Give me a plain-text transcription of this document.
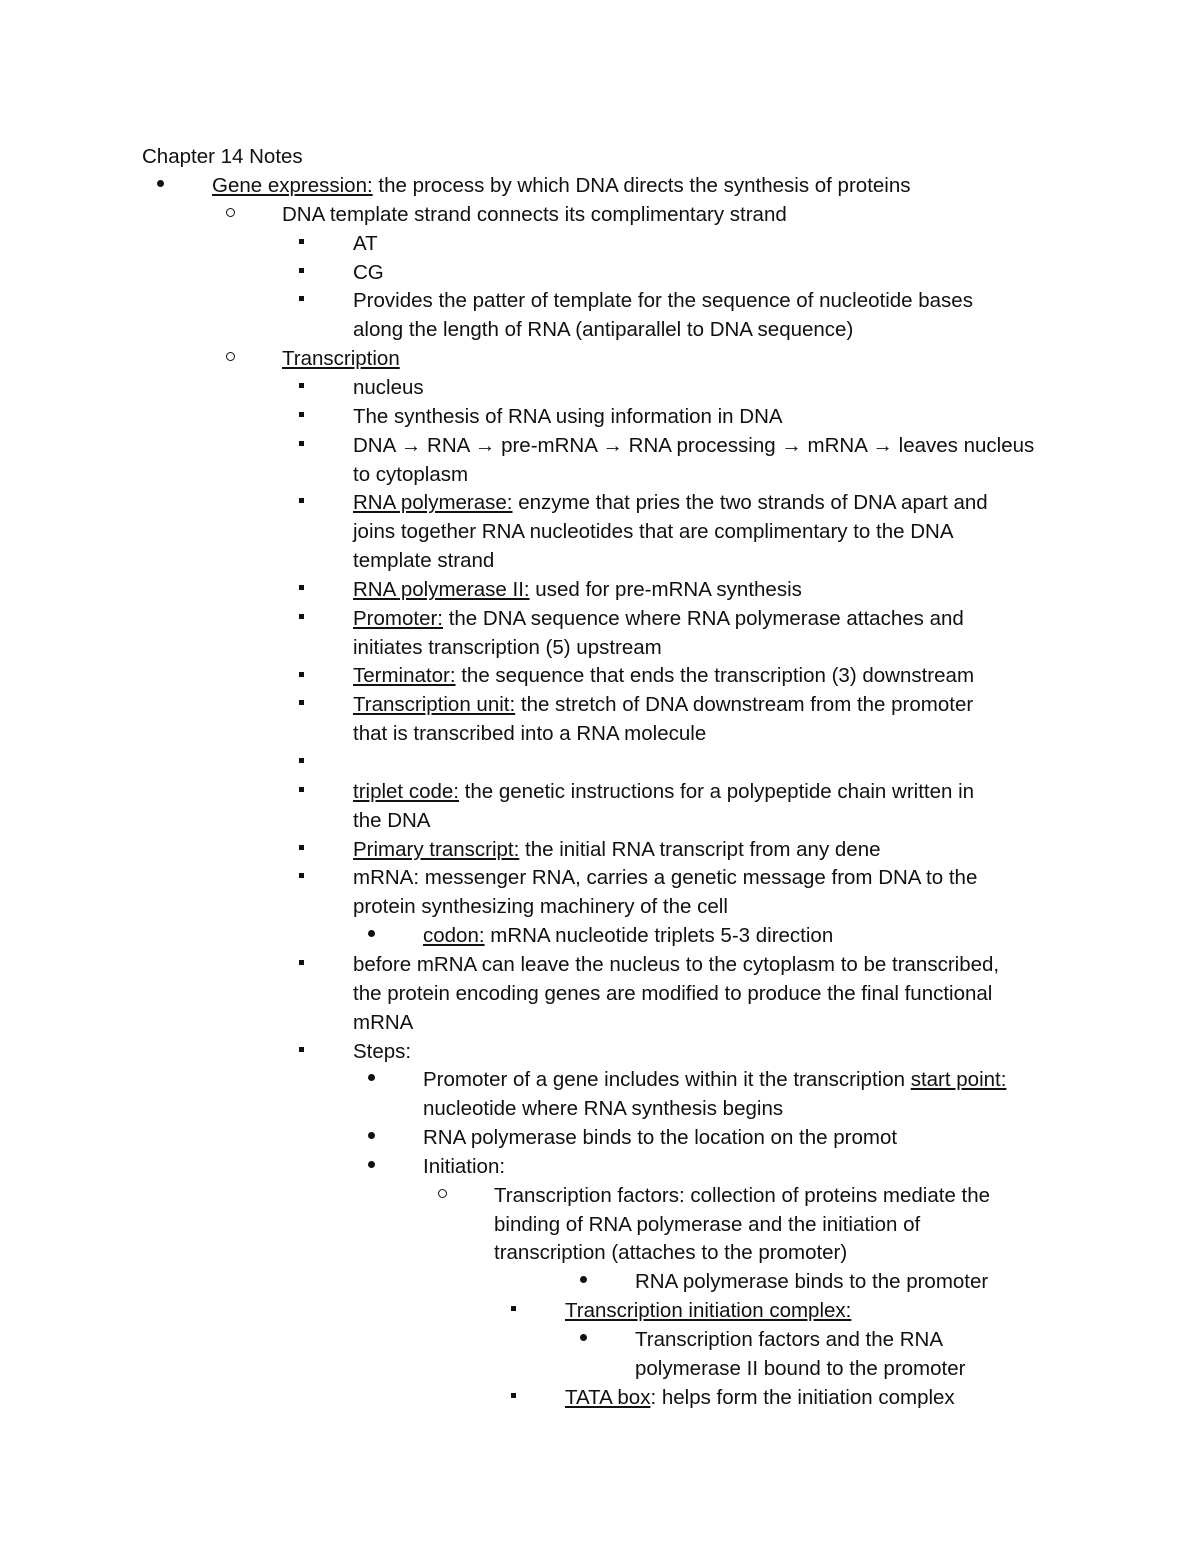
Chapter 14 Notes
Gene expression: the process by which DNA directs the synthesis of proteins
DNA template strand connects its complimentary strand
AT
CG
Provides the patter of template for the sequence of nucleotide bases
along the length of RNA (antiparallel to DNA sequence)
Transcription
nucleus
The synthesis of RNA using information in DNA
DNA → RNA → pre-mRNA → RNA processing → mRNA → leaves nucleus
to cytoplasm
RNA polymerase: enzyme that pries the two strands of DNA apart and
joins together RNA nucleotides that are complimentary to the DNA
template strand
RNA polymerase II: used for pre-mRNA synthesis
Promoter: the DNA sequence where RNA polymerase attaches and
initiates transcription (5) upstream
Terminator: the sequence that ends the transcription (3) downstream
Transcription unit: the stretch of DNA downstream from the promoter
that is transcribed into a RNA molecule
triplet code: the genetic instructions for a polypeptide chain written in
the DNA
Primary transcript: the initial RNA transcript from any dene
mRNA: messenger RNA, carries a genetic message from DNA to the
protein synthesizing machinery of the cell
codon: mRNA nucleotide triplets 5-3 direction
before mRNA can leave the nucleus to the cytoplasm to be transcribed,
the protein encoding genes are modified to produce the final functional
mRNA
Steps:
Promoter of a gene includes within it the transcription start point:
nucleotide where RNA synthesis begins
RNA polymerase binds to the location on the promot
Initiation:
Transcription factors: collection of proteins mediate the
binding of RNA polymerase and the initiation of
transcription (attaches to the promoter)
RNA polymerase binds to the promoter
Transcription initiation complex:
Transcription factors and the RNA
polymerase II bound to the promoter
TATA box: helps form the initiation complex
